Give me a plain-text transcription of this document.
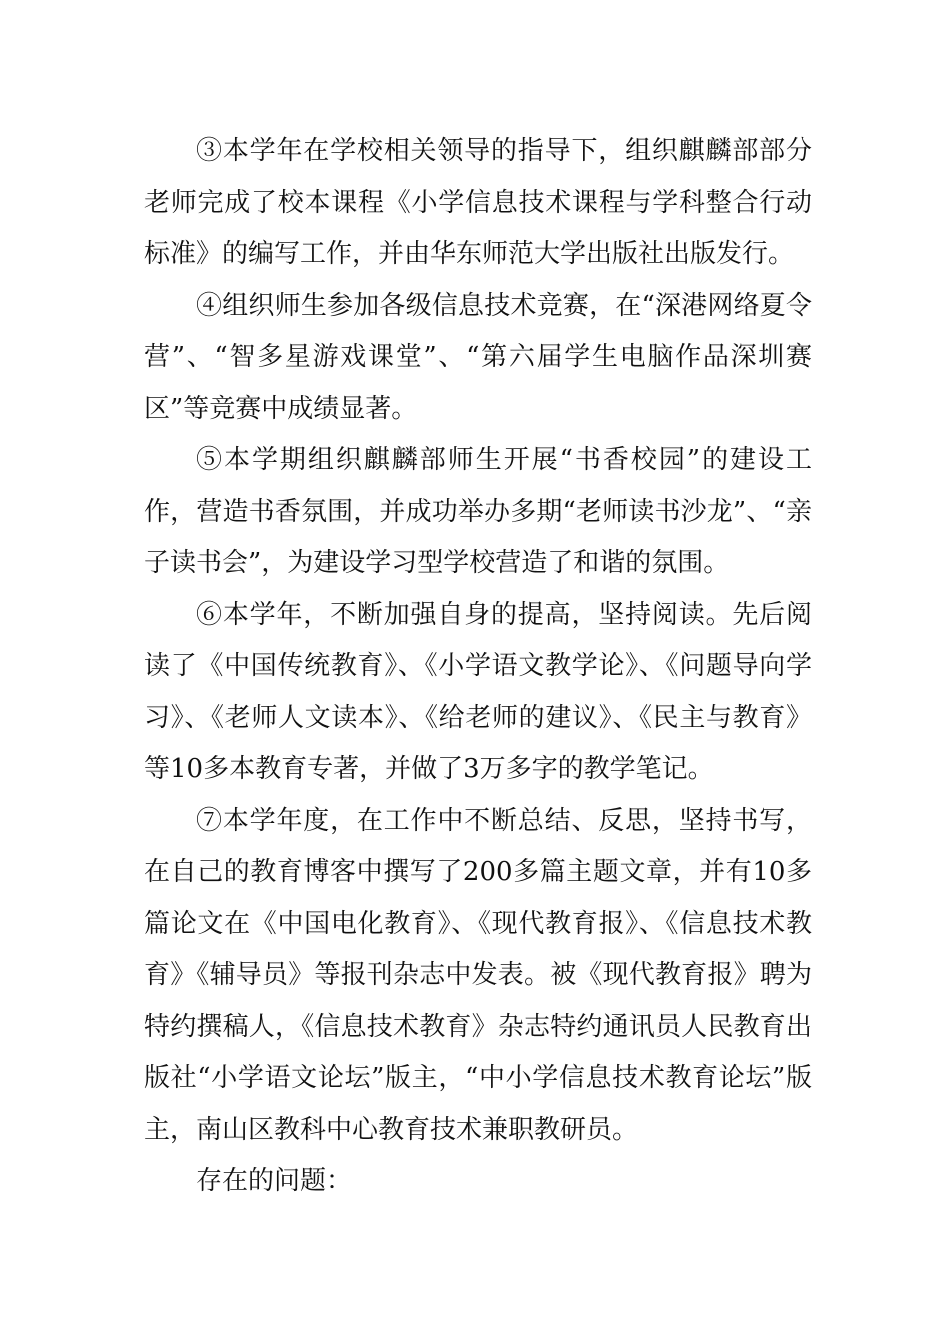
③本学年在学校相关领导的指导下，组织麒麟部部分老师完成了校本课程《小学信息技术课程与学科整合行动标准》的编写工作，并由华东师范大学出版社出版发行。

④组织师生参加各级信息技术竞赛，在“深港网络夏令营”、“智多星游戏课堂”、“第六届学生电脑作品深圳赛区”等竞赛中成绩显著。

⑤本学期组织麒麟部师生开展“书香校园”的建设工作，营造书香氛围，并成功举办多期“老师读书沙龙”、“亲子读书会”，为建设学习型学校营造了和谐的氛围。

⑥本学年，不断加强自身的提高，坚持阅读。先后阅读了《中国传统教育》、《小学语文教学论》、《问题导向学习》、《老师人文读本》、《给老师的建议》、《民主与教育》等10多本教育专著，并做了3万多字的教学笔记。

⑦本学年度，在工作中不断总结、反思，坚持书写，在自己的教育博客中撰写了200多篇主题文章，并有10多篇论文在《中国电化教育》、《现代教育报》、《信息技术教育》《辅导员》等报刊杂志中发表。被《现代教育报》聘为特约撰稿人，《信息技术教育》杂志特约通讯员人民教育出版社“小学语文论坛”版主，“中小学信息技术教育论坛”版主，南山区教科中心教育技术兼职教研员。

存在的问题：
